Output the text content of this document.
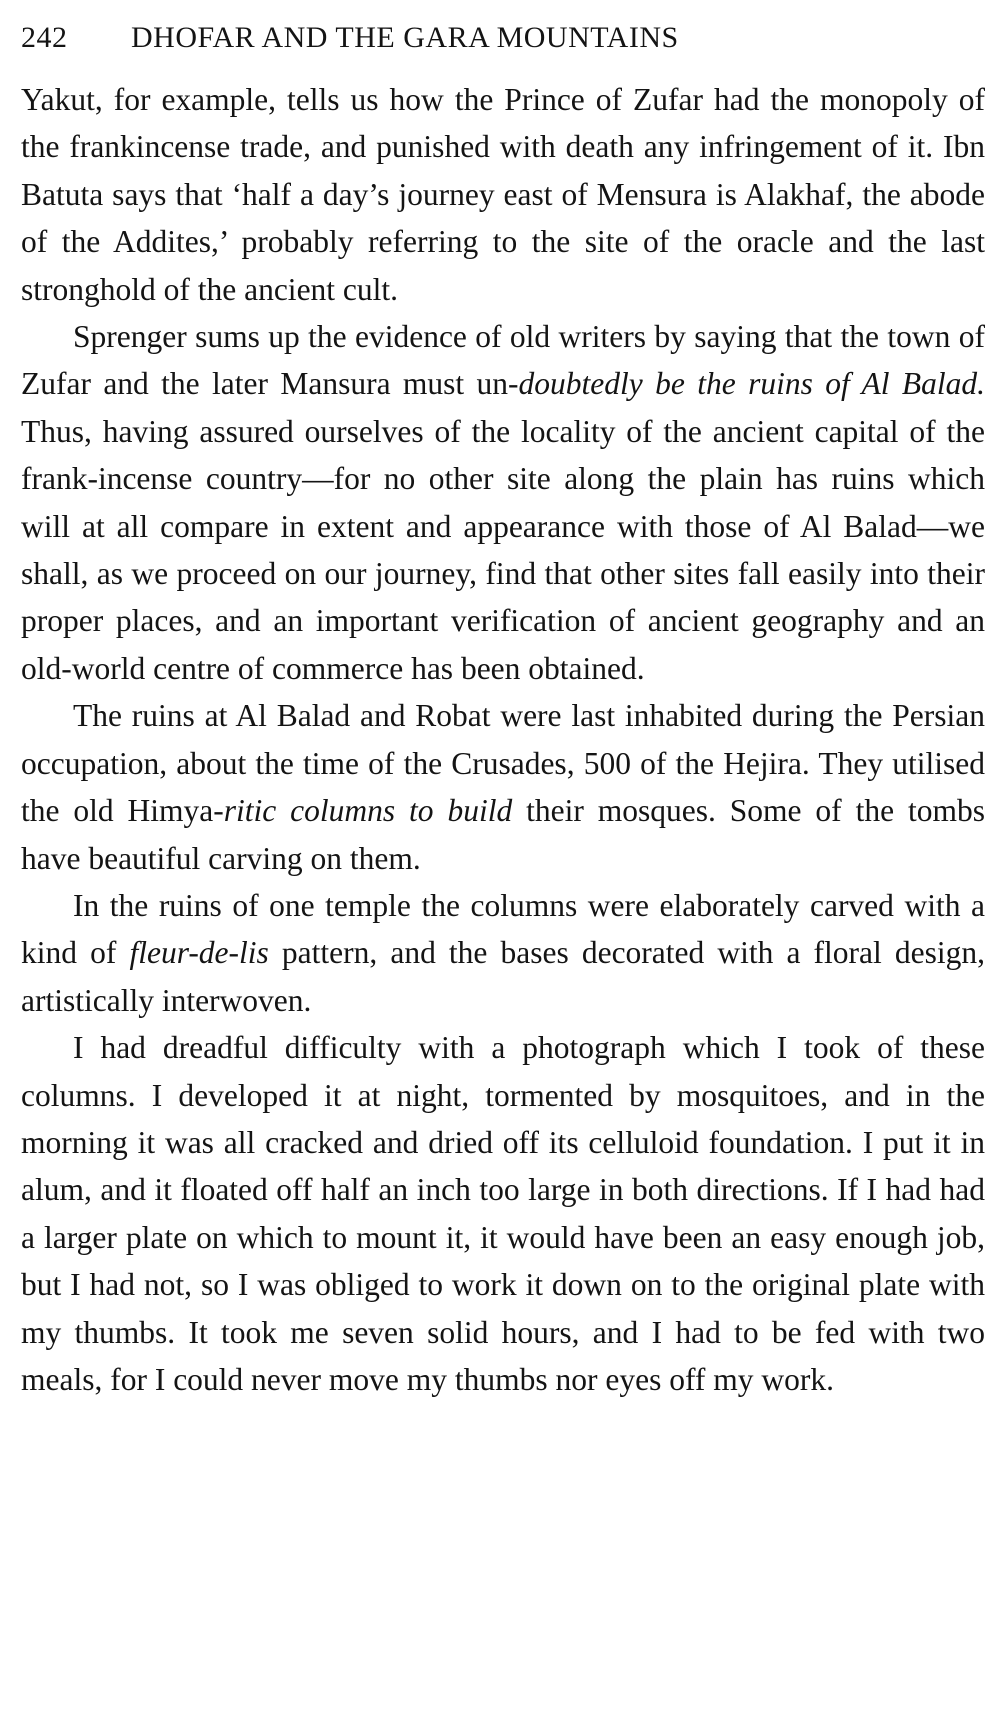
242 DHOFAR AND THE GARA MOUNTAINS

Yakut, for example, tells us how the Prince of Zufar had the monopoly of the frankincense trade, and punished with death any infringement of it. Ibn Batuta says that ‘half a day’s journey east of Mensura is Alakhaf, the abode of the Addites,’ probably referring to the site of the oracle and the last stronghold of the ancient cult.

Sprenger sums up the evidence of old writers by saying that the town of Zufar and the later Mansura must un-doubtedly be the ruins of Al Balad. Thus, having assured ourselves of the locality of the ancient capital of the frank-incense country—for no other site along the plain has ruins which will at all compare in extent and appearance with those of Al Balad—we shall, as we proceed on our journey, find that other sites fall easily into their proper places, and an important verification of ancient geography and an old-world centre of commerce has been obtained.

The ruins at Al Balad and Robat were last inhabited during the Persian occupation, about the time of the Crusades, 500 of the Hejira. They utilised the old Himya-ritic columns to build their mosques. Some of the tombs have beautiful carving on them.

In the ruins of one temple the columns were elaborately carved with a kind of fleur-de-lis pattern, and the bases decorated with a floral design, artistically interwoven.

I had dreadful difficulty with a photograph which I took of these columns. I developed it at night, tormented by mosquitoes, and in the morning it was all cracked and dried off its celluloid foundation. I put it in alum, and it floated off half an inch too large in both directions. If I had had a larger plate on which to mount it, it would have been an easy enough job, but I had not, so I was obliged to work it down on to the original plate with my thumbs. It took me seven solid hours, and I had to be fed with two meals, for I could never move my thumbs nor eyes off my work.
